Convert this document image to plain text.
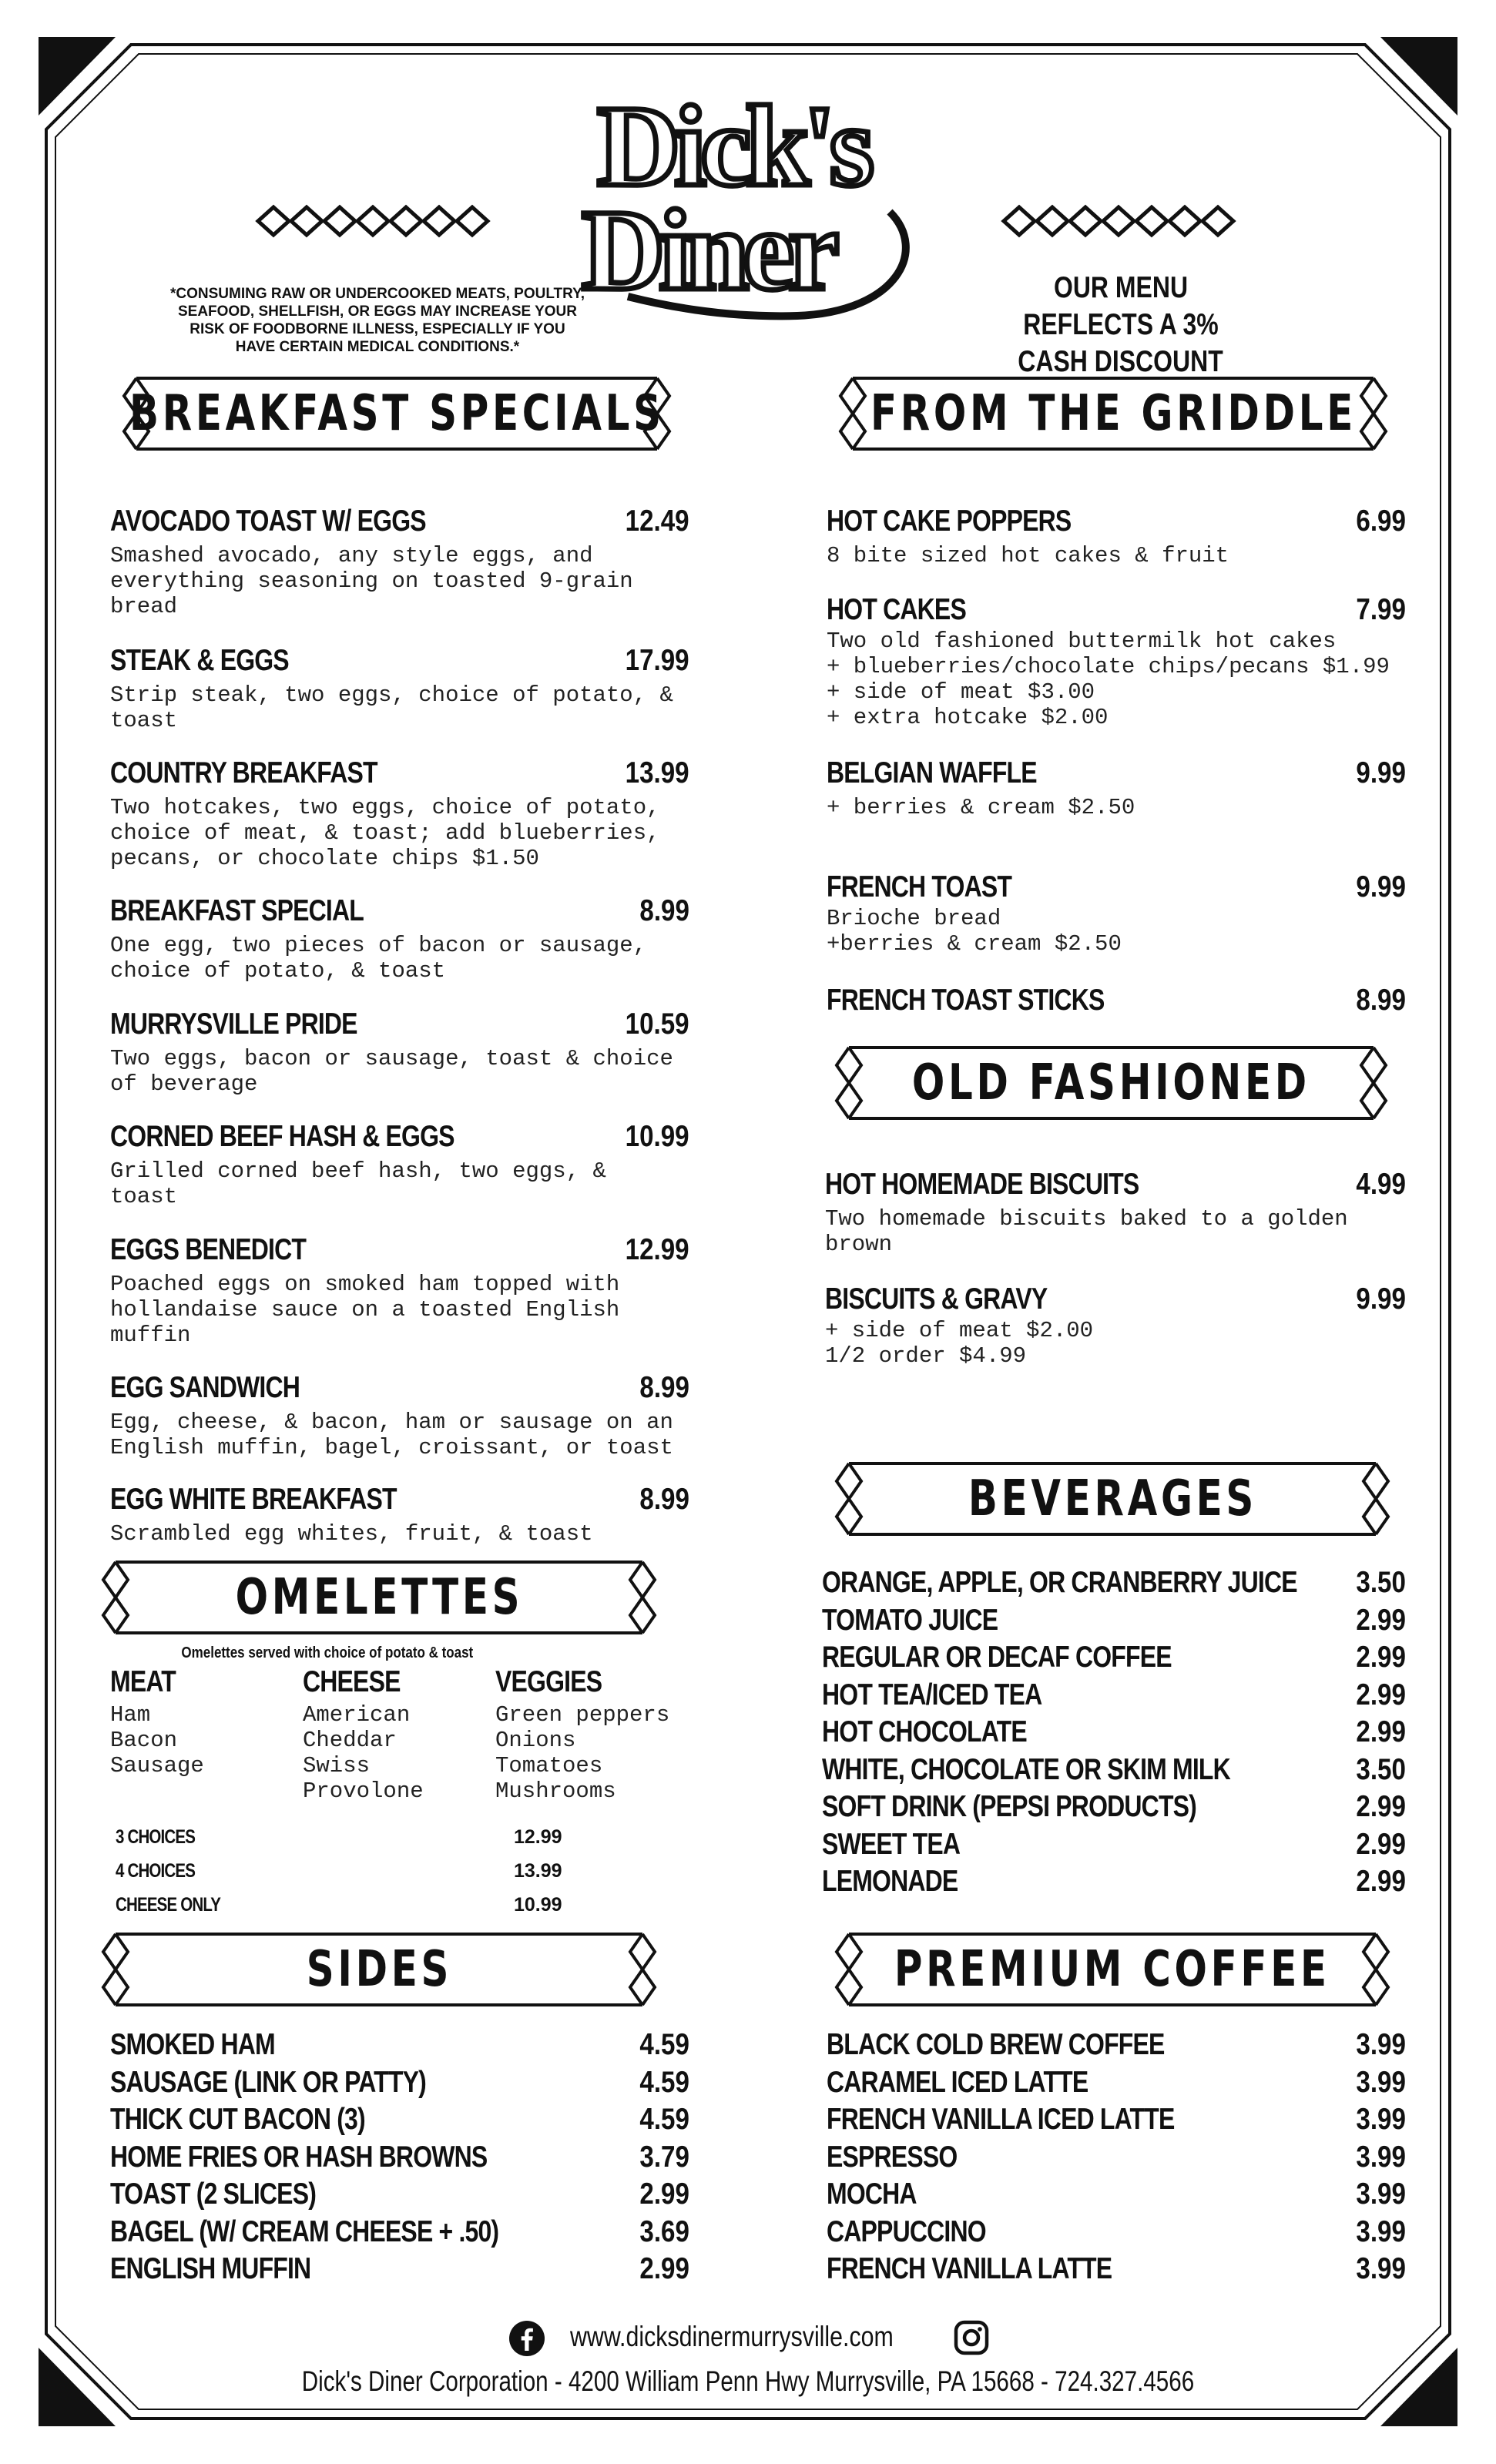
Dick's
Diner
*CONSUMING RAW OR UNDERCOOKED MEATS, POULTRY, SEAFOOD, SHELLFISH, OR EGGS MAY INCREASE YOUR RISK OF FOODBORNE ILLNESS, ESPECIALLY IF YOU HAVE CERTAIN MEDICAL CONDITIONS.*
OUR MENU REFLECTS A 3%
CASH DISCOUNT
BREAKFAST SPECIALS	FROM THE GRIDDLE
OLD FASHIONED
OMELETTES
BEVERAGES
SIDES	PREMIUM COFFEE
AVOCADO TOAST W/ EGGS	12.49
Smashed avocado, any style eggs, and
everything seasoning on toasted 9-grain
bread
STEAK & EGGS	17.99
Strip steak, two eggs, choice of potato, &
toast
COUNTRY BREAKFAST	13.99
Two hotcakes, two eggs, choice of potato,
choice of meat, & toast; add blueberries,
pecans, or chocolate chips $1.50
BREAKFAST SPECIAL	8.99
One egg, two pieces of bacon or sausage,
choice of potato, & toast
MURRYSVILLE PRIDE	10.59
Two eggs, bacon or sausage, toast & choice
of beverage
CORNED BEEF HASH & EGGS	10.99
Grilled corned beef hash, two eggs, &
toast
EGGS BENEDICT	12.99
Poached eggs on smoked ham topped with
hollandaise sauce on a toasted English
muffin
EGG SANDWICH	8.99
Egg, cheese, & bacon, ham or sausage on an
English muffin, bagel, croissant, or toast
EGG WHITE BREAKFAST	8.99
Scrambled egg whites, fruit, & toast
HOT CAKE POPPERS	6.99
8 bite sized hot cakes & fruit
HOT CAKES	7.99
Two old fashioned buttermilk hot cakes
+ blueberries/chocolate chips/pecans $1.99
+ side of meat $3.00
+ extra hotcake $2.00
BELGIAN WAFFLE	9.99
+ berries & cream $2.50
FRENCH TOAST	9.99
Brioche bread
+berries & cream $2.50
FRENCH TOAST STICKS	8.99
HOT HOMEMADE BISCUITS	4.99
Two homemade biscuits baked to a golden
brown
BISCUITS & GRAVY	9.99
+ side of meat $2.00
1/2 order $4.99
Omelettes served with choice of potato & toast
MEAT
Ham
Bacon
Sausage
CHEESE
American
Cheddar
Swiss
Provolone
VEGGIES
Green peppers
Onions
Tomatoes
Mushrooms
3 CHOICES	12.99
4 CHOICES	13.99
CHEESE ONLY	10.99
ORANGE, APPLE, OR CRANBERRY JUICE 3.50
TOMATO JUICE	2.99
REGULAR OR DECAF COFFEE	2.99
HOT TEA/ICED TEA	2.99
HOT CHOCOLATE	2.99
WHITE, CHOCOLATE OR SKIM MILK	3.50
SOFT DRINK (PEPSI PRODUCTS)	2.99
SWEET TEA	2.99
LEMONADE	2.99
SMOKED HAM	4.59
SAUSAGE (LINK OR PATTY)	4.59
THICK CUT BACON (3)	4.59
HOME FRIES OR HASH BROWNS	3.79
TOAST (2 SLICES)	2.99
BAGEL (W/ CREAM CHEESE + .50)	3.69
ENGLISH MUFFIN	2.99
BLACK COLD BREW COFFEE	3.99
CARAMEL ICED LATTE	3.99
FRENCH VANILLA ICED LATTE	3.99
ESPRESSO	3.99
MOCHA	3.99
CAPPUCCINO	3.99
FRENCH VANILLA LATTE	3.99
www.dicksdinermurrysville.com
Dick's Diner Corporation - 4200 William Penn Hwy Murrysville, PA 15668 - 724.327.4566
